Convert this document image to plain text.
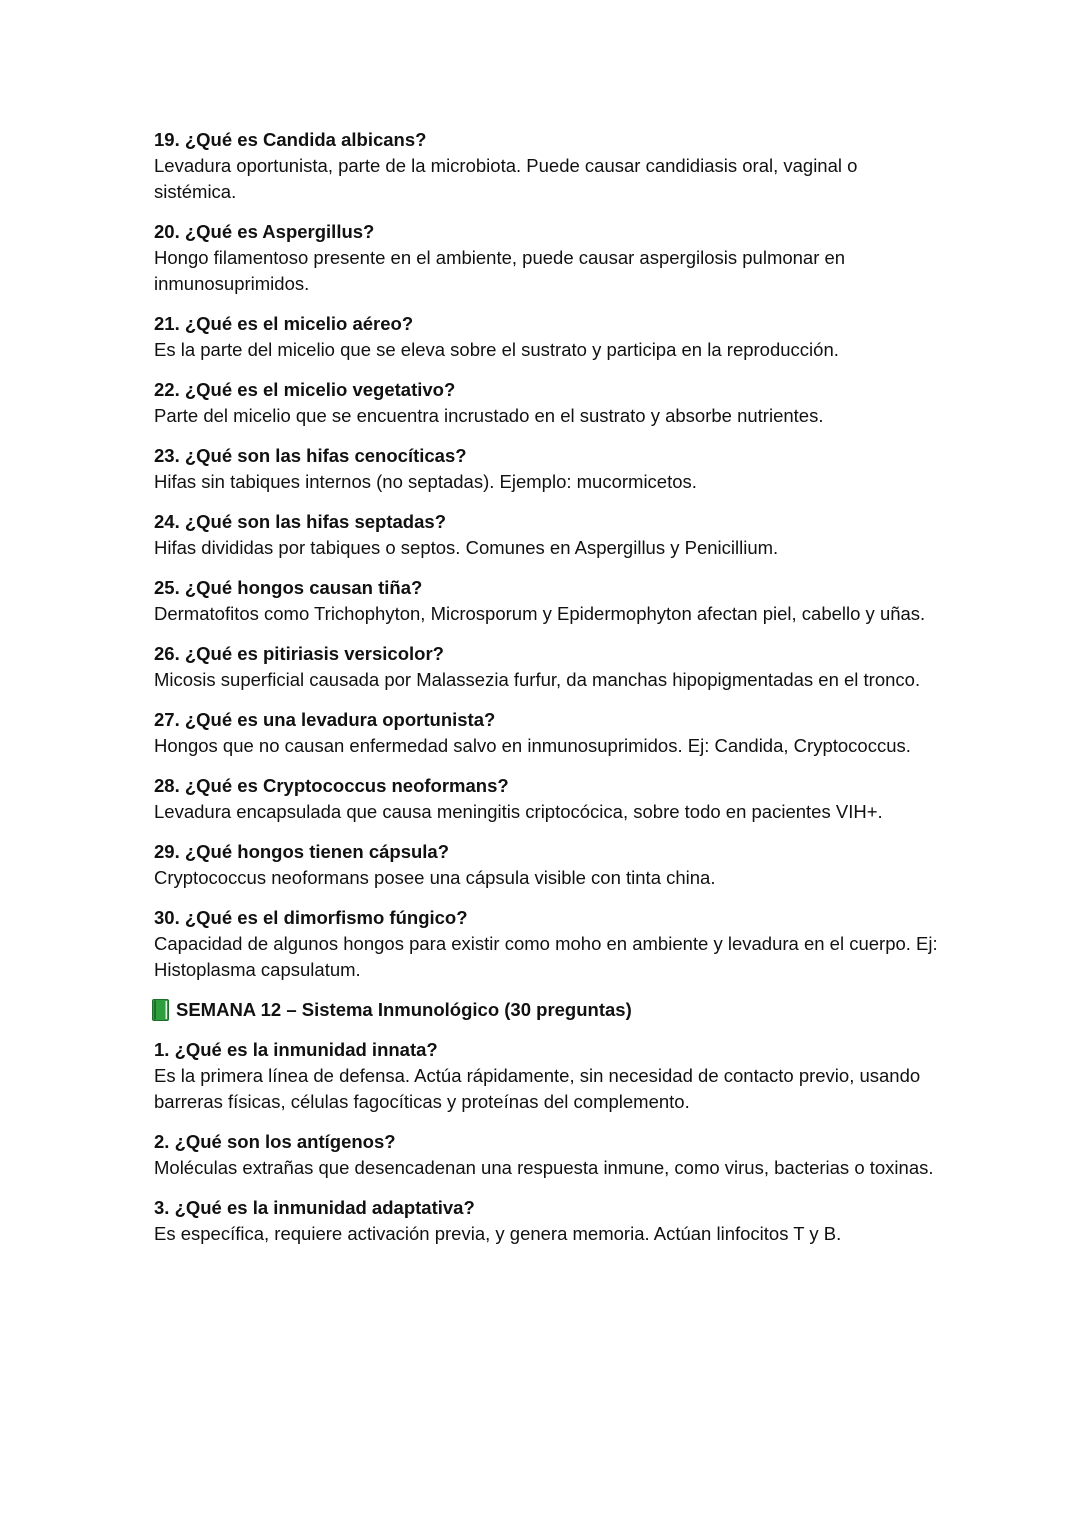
19. ¿Qué es Candida albicans?

Levadura oportunista, parte de la microbiota. Puede causar candidiasis oral, vaginal o sistémica.

20. ¿Qué es Aspergillus?

Hongo filamentoso presente en el ambiente, puede causar aspergilosis pulmonar en inmunosuprimidos.

21. ¿Qué es el micelio aéreo?

Es la parte del micelio que se eleva sobre el sustrato y participa en la reproducción.

22. ¿Qué es el micelio vegetativo?

Parte del micelio que se encuentra incrustado en el sustrato y absorbe nutrientes.

23. ¿Qué son las hifas cenocíticas?

Hifas sin tabiques internos (no septadas). Ejemplo: mucormicetos.

24. ¿Qué son las hifas septadas?

Hifas divididas por tabiques o septos. Comunes en Aspergillus y Penicillium.

25. ¿Qué hongos causan tiña?

Dermatofitos como Trichophyton, Microsporum y Epidermophyton afectan piel, cabello y uñas.

26. ¿Qué es pitiriasis versicolor?

Micosis superficial causada por Malassezia furfur, da manchas hipopigmentadas en el tronco.

27. ¿Qué es una levadura oportunista?

Hongos que no causan enfermedad salvo en inmunosuprimidos. Ej: Candida, Cryptococcus.

28. ¿Qué es Cryptococcus neoformans?

Levadura encapsulada que causa meningitis criptocócica, sobre todo en pacientes VIH+.

29. ¿Qué hongos tienen cápsula?

Cryptococcus neoformans posee una cápsula visible con tinta china.

30. ¿Qué es el dimorfismo fúngico?

Capacidad de algunos hongos para existir como moho en ambiente y levadura en el cuerpo. Ej: Histoplasma capsulatum.

SEMANA 12 – Sistema Inmunológico (30 preguntas)

1. ¿Qué es la inmunidad innata?

Es la primera línea de defensa. Actúa rápidamente, sin necesidad de contacto previo, usando barreras físicas, células fagocíticas y proteínas del complemento.

2. ¿Qué son los antígenos?

Moléculas extrañas que desencadenan una respuesta inmune, como virus, bacterias o toxinas.

3. ¿Qué es la inmunidad adaptativa?

Es específica, requiere activación previa, y genera memoria. Actúan linfocitos T y B.
